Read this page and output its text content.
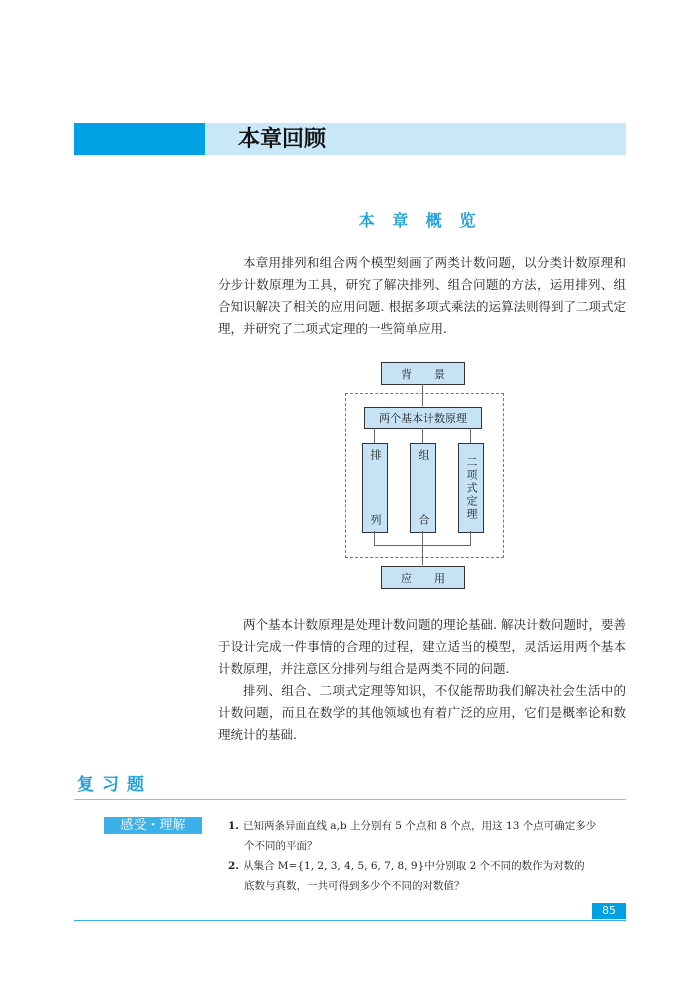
本章回顾
本 章 概 览

本章用排列和组合两个模型刻画了两类计数问题，以分类计数原理和分步计数原理为工具，研究了解决排列、组合问题的方法，运用排列、组合知识解决了相关的应用问题. 根据多项式乘法的运算法则得到了二项式定理，并研究了二项式定理的一些简单应用.

背　　景
两个基本计数原理
排　　　　列	组　　　　合	二项式定理
应　　用

两个基本计数原理是处理计数问题的理论基础. 解决计数问题时，要善于设计完成一件事情的合理的过程，建立适当的模型，灵活运用两个基本计数原理，并注意区分排列与组合是两类不同的问题.

排列、组合、二项式定理等知识，不仅能帮助我们解决社会生活中的计数问题，而且在数学的其他领域也有着广泛的应用，它们是概率论和数理统计的基础.

复习题
感受・理解	1. 已知两条异面直线 a,b 上分别有 5 个点和 8 个点，用这 13 个点可确定多少
个不同的平面？
2. 从集合 M={1, 2, 3, 4, 5, 6, 7, 8, 9}中分别取 2 个不同的数作为对数的
底数与真数，一共可得到多少个不同的对数值？
85
